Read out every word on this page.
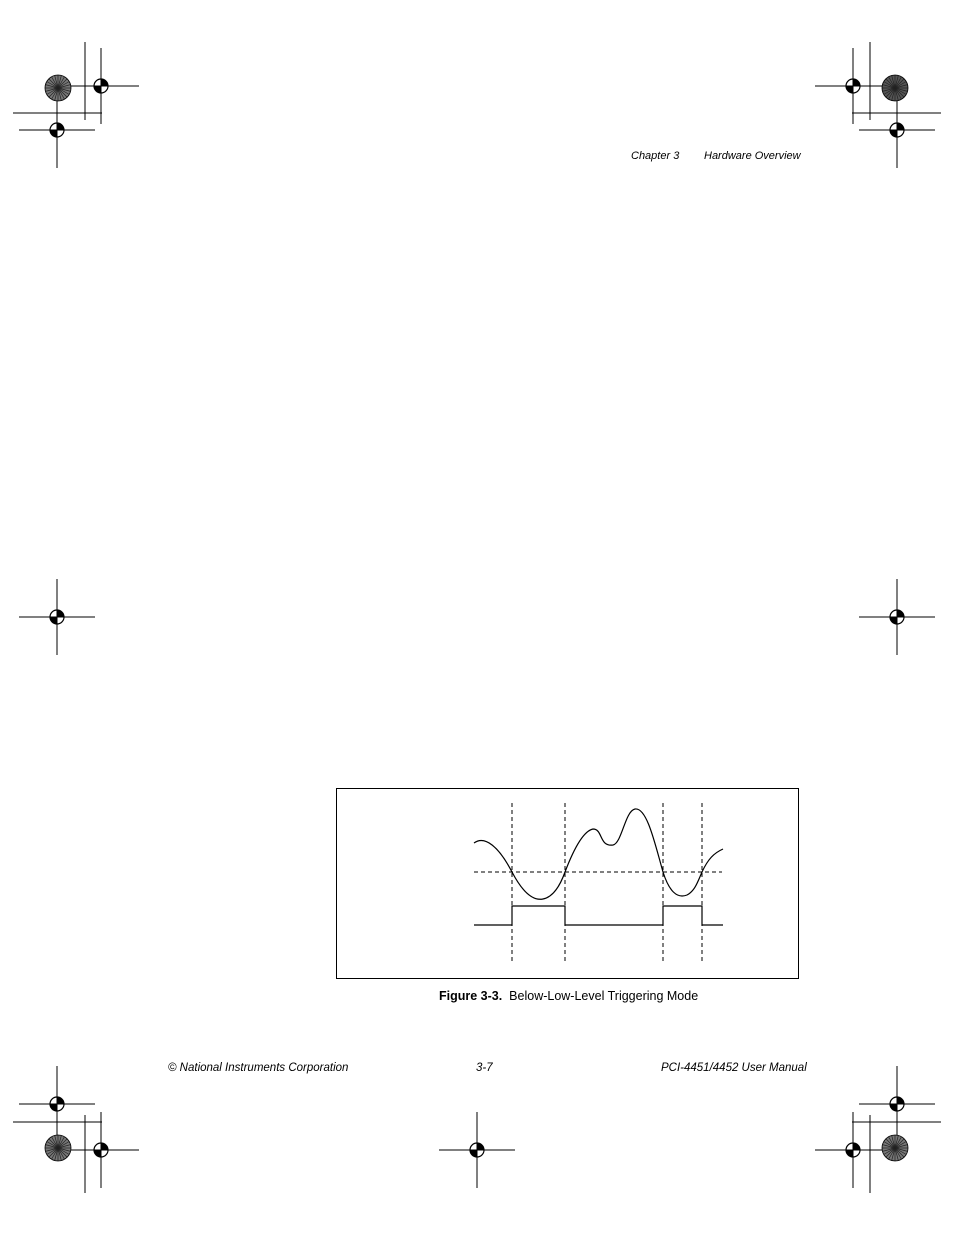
Chapter 3 Hardware Overview
Figure 3-3. Below-Low-Level Triggering Mode
© National Instruments Corporation	3-7	PCI-4451/4452 User Manual
